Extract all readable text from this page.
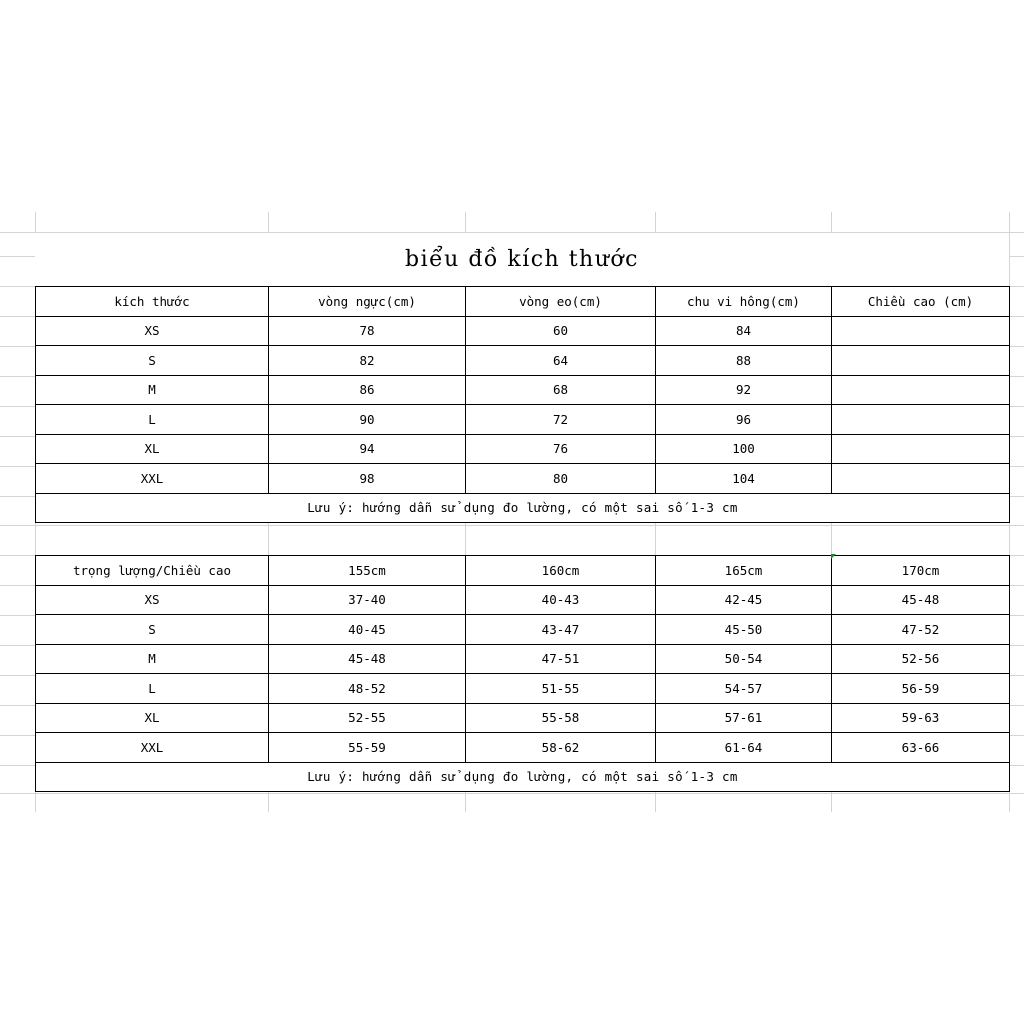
biểu đồ kích thước
kích thước	vòng ngực(cm)	vòng eo(cm)	chu vi hông(cm)	Chiều cao (cm)
XS	78	60	84	
S	82	64	88	
M	86	68	92	
L	90	72	96	
XL	94	76	100	
XXL	98	80	104	
Lưu ý: hướng dẫn sử dụng đo lường, có một sai số 1-3 cm				
trọng lượng/Chiều cao	155cm	160cm	165cm	170cm
XS	37-40	40-43	42-45	45-48
S	40-45	43-47	45-50	47-52
M	45-48	47-51	50-54	52-56
L	48-52	51-55	54-57	56-59
XL	52-55	55-58	57-61	59-63
XXL	55-59	58-62	61-64	63-66
Lưu ý: hướng dẫn sử dụng đo lường, có một sai số 1-3 cm				
